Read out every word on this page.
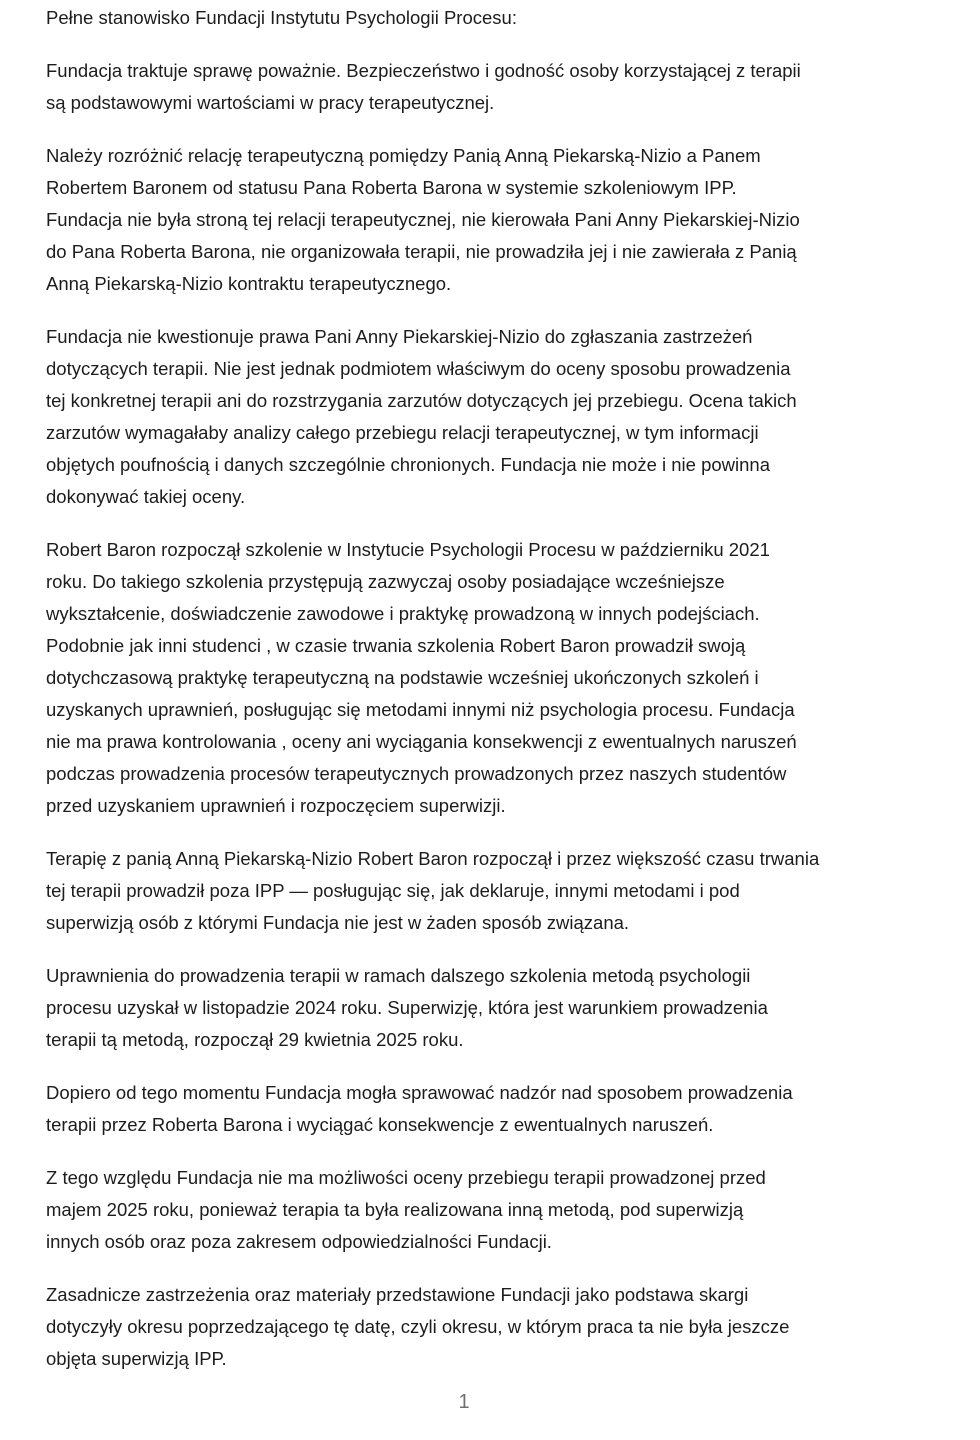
Pełne stanowisko Fundacji Instytutu Psychologii Procesu:

Fundacja traktuje sprawę poważnie. Bezpieczeństwo i godność osoby korzystającej z terapii
są podstawowymi wartościami w pracy terapeutycznej.

Należy rozróżnić relację terapeutyczną pomiędzy Panią Anną Piekarską-Nizio a Panem
Robertem Baronem od statusu Pana Roberta Barona w systemie szkoleniowym IPP.
Fundacja nie była stroną tej relacji terapeutycznej, nie kierowała Pani Anny Piekarskiej-Nizio
do Pana Roberta Barona, nie organizowała terapii, nie prowadziła jej i nie zawierała z Panią
Anną Piekarską-Nizio kontraktu terapeutycznego.

Fundacja nie kwestionuje prawa Pani Anny Piekarskiej-Nizio do zgłaszania zastrzeżeń
dotyczących terapii. Nie jest jednak podmiotem właściwym do oceny sposobu prowadzenia
tej konkretnej terapii ani do rozstrzygania zarzutów dotyczących jej przebiegu. Ocena takich
zarzutów wymagałaby analizy całego przebiegu relacji terapeutycznej, w tym informacji
objętych poufnością i danych szczególnie chronionych. Fundacja nie może i nie powinna
dokonywać takiej oceny.

Robert Baron rozpoczął szkolenie w Instytucie Psychologii Procesu w październiku 2021
roku. Do takiego szkolenia przystępują zazwyczaj osoby posiadające wcześniejsze
wykształcenie, doświadczenie zawodowe i praktykę prowadzoną w innych podejściach.
Podobnie jak inni studenci , w czasie trwania szkolenia Robert Baron prowadził swoją
dotychczasową praktykę terapeutyczną na podstawie wcześniej ukończonych szkoleń i
uzyskanych uprawnień, posługując się metodami innymi niż psychologia procesu. Fundacja
nie ma prawa kontrolowania , oceny ani wyciągania konsekwencji z ewentualnych naruszeń
podczas prowadzenia procesów terapeutycznych prowadzonych przez naszych studentów
przed uzyskaniem uprawnień i rozpoczęciem superwizji.

Terapię z panią Anną Piekarską-Nizio Robert Baron rozpoczął i przez większość czasu trwania
tej terapii prowadził poza IPP — posługując się, jak deklaruje, innymi metodami i pod
superwizją osób z którymi Fundacja nie jest w żaden sposób związana.

Uprawnienia do prowadzenia terapii w ramach dalszego szkolenia metodą psychologii
procesu uzyskał w listopadzie 2024 roku. Superwizję, która jest warunkiem prowadzenia
terapii tą metodą, rozpoczął 29 kwietnia 2025 roku.

Dopiero od tego momentu Fundacja mogła sprawować nadzór nad sposobem prowadzenia
terapii przez Roberta Barona i wyciągać konsekwencje z ewentualnych naruszeń.

Z tego względu Fundacja nie ma możliwości oceny przebiegu terapii prowadzonej przed
majem 2025 roku, ponieważ terapia ta była realizowana inną metodą, pod superwizją
innych osób oraz poza zakresem odpowiedzialności Fundacji.

Zasadnicze zastrzeżenia oraz materiały przedstawione Fundacji jako podstawa skargi
dotyczyły okresu poprzedzającego tę datę, czyli okresu, w którym praca ta nie była jeszcze
objęta superwizją IPP.

1
